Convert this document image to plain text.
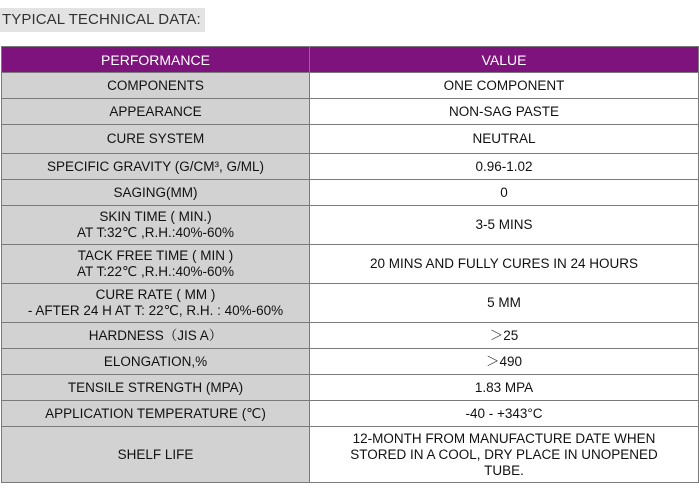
TYPICAL TECHNICAL DATA:
PERFORMANCE	VALUE

COMPONENTS	ONE COMPONENT

APPEARANCE	NON-SAG PASTE

CURE SYSTEM	NEUTRAL

SPECIFIC GRAVITY (G/CM³, G/ML)	0.96-1.02

SAGING(MM)	0

SKIN TIME ( MIN.)
AT T:32℃ ,R.H.:40%-60%	3-5 MINS

TACK FREE TIME ( MIN )
AT T:22℃ ,R.H.:40%-60%	20 MINS AND FULLY CURES IN 24 HOURS

CURE RATE ( MM )
- AFTER 24 H AT T: 22℃, R.H. : 40%-60%	5 MM

HARDNESS（JIS A）	＞25

ELONGATION,%	＞490

TENSILE STRENGTH (MPA)	1.83 MPA

APPLICATION TEMPERATURE (℃)	-40 - +343°C

SHELF LIFE	12-MONTH FROM MANUFACTURE DATE WHEN
STORED IN A COOL, DRY PLACE IN UNOPENED
TUBE.
